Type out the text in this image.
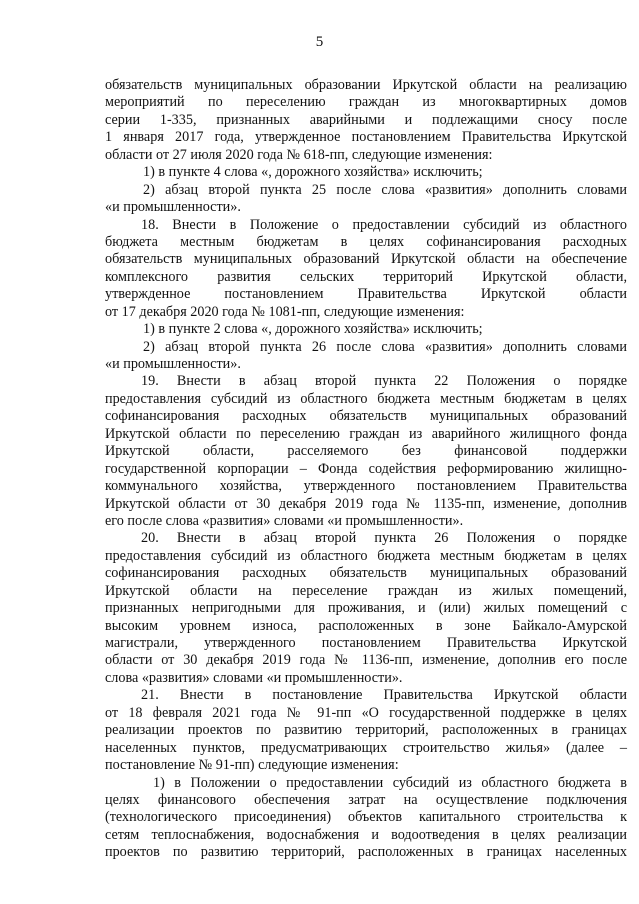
5
обязательств муниципальных образовании Иркутской области на реализацию
мероприятий по переселению граждан из многоквартирных домов
серии 1-335, признанных аварийными и подлежащими сносу после
1 января 2017 года, утвержденное постановлением Правительства Иркутской
области от 27 июля 2020 года № 618-пп, следующие изменения:
1) в пункте 4 слова «, дорожного хозяйства» исключить;
2) абзац второй пункта 25 после слова «развития» дополнить словами
«и промышленности».
18. Внести в Положение о предоставлении субсидий из областного
бюджета местным бюджетам в целях софинансирования расходных
обязательств муниципальных образований Иркутской области на обеспечение
комплексного развития сельских территорий Иркутской области,
утвержденное постановлением Правительства Иркутской области
от 17 декабря 2020 года № 1081-пп, следующие изменения:
1) в пункте 2 слова «, дорожного хозяйства» исключить;
2) абзац второй пункта 26 после слова «развития» дополнить словами
«и промышленности».
19. Внести в абзац второй пункта 22 Положения о порядке
предоставления субсидий из областного бюджета местным бюджетам в целях
софинансирования расходных обязательств муниципальных образований
Иркутской области по переселению граждан из аварийного жилищного фонда
Иркутской области, расселяемого без финансовой поддержки
государственной корпорации – Фонда содействия реформированию жилищно-
коммунального хозяйства, утвержденного постановлением Правительства
Иркутской области от 30 декабря 2019 года № 1135-пп, изменение, дополнив
его после слова «развития» словами «и промышленности».
20. Внести в абзац второй пункта 26 Положения о порядке
предоставления субсидий из областного бюджета местным бюджетам в целях
софинансирования расходных обязательств муниципальных образований
Иркутской области на переселение граждан из жилых помещений,
признанных непригодными для проживания, и (или) жилых помещений с
высоким уровнем износа, расположенных в зоне Байкало-Амурской
магистрали, утвержденного постановлением Правительства Иркутской
области от 30 декабря 2019 года № 1136-пп, изменение, дополнив его после
слова «развития» словами «и промышленности».
21. Внести в постановление Правительства Иркутской области
от 18 февраля 2021 года № 91-пп «О государственной поддержке в целях
реализации проектов по развитию территорий, расположенных в границах
населенных пунктов, предусматривающих строительство жилья» (далее –
постановление № 91-пп) следующие изменения:
1) в Положении о предоставлении субсидий из областного бюджета в
целях финансового обеспечения затрат на осуществление подключения
(технологического присоединения) объектов капитального строительства к
сетям теплоснабжения, водоснабжения и водоотведения в целях реализации
проектов по развитию территорий, расположенных в границах населенных
